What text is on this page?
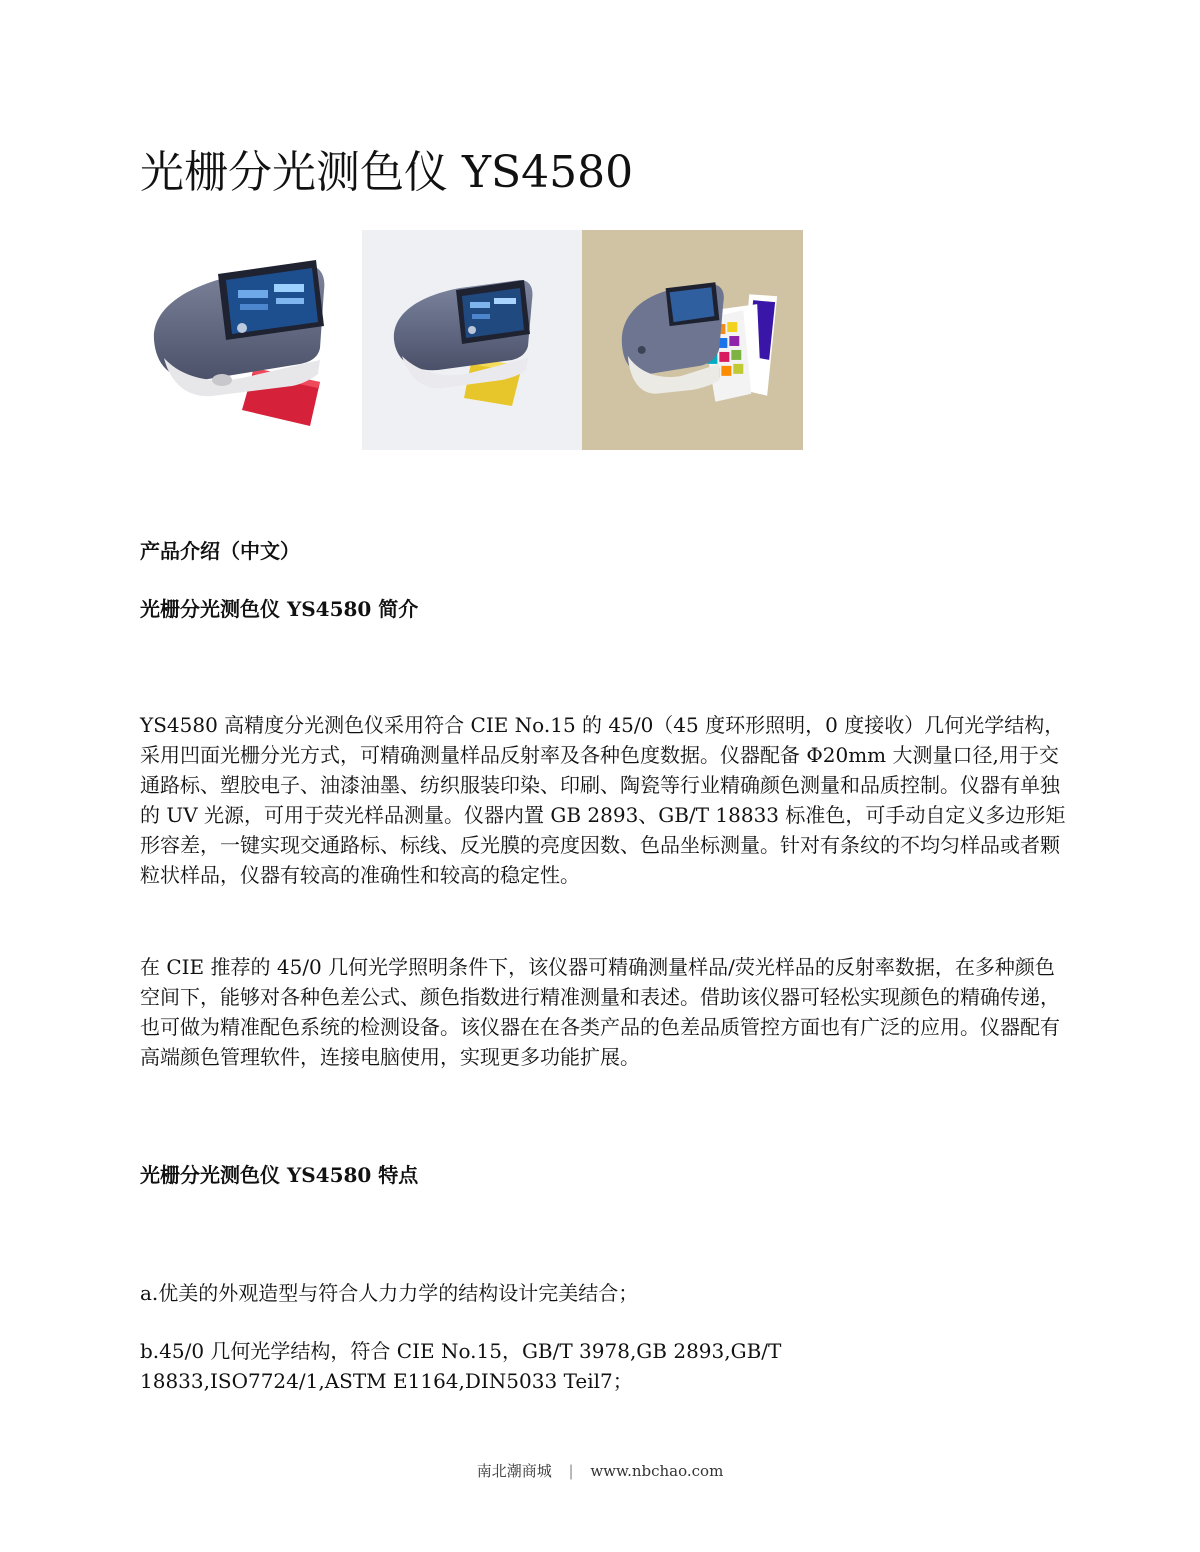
光栅分光测色仪 YS4580
产品介绍（中文）
光栅分光测色仪 YS4580 简介

YS4580 高精度分光测色仪采用符合 CIE No.15 的 45/0（45 度环形照明，0 度接收）几何光学结构，采用凹面光栅分光方式，可精确测量样品反射率及各种色度数据。仪器配备 Φ20mm 大测量口径,用于交通路标、塑胶电子、油漆油墨、纺织服装印染、印刷、陶瓷等行业精确颜色测量和品质控制。仪器有单独的 UV 光源，可用于荧光样品测量。仪器内置 GB 2893、GB/T 18833 标准色，可手动自定义多边形矩形容差，一键实现交通路标、标线、反光膜的亮度因数、色品坐标测量。针对有条纹的不均匀样品或者颗粒状样品，仪器有较高的准确性和较高的稳定性。

在 CIE 推荐的 45/0 几何光学照明条件下，该仪器可精确测量样品/荧光样品的反射率数据，在多种颜色空间下，能够对各种色差公式、颜色指数进行精准测量和表述。借助该仪器可轻松实现颜色的精确传递，也可做为精准配色系统的检测设备。该仪器在在各类产品的色差品质管控方面也有广泛的应用。仪器配有高端颜色管理软件，连接电脑使用，实现更多功能扩展。

光栅分光测色仪 YS4580 特点

a.优美的外观造型与符合人力力学的结构设计完美结合；

b.45/0 几何光学结构，符合 CIE No.15，GB/T 3978,GB 2893,GB/T 18833,ISO7724/1,ASTM E1164,DIN5033 Teil7；

南北潮商城 | www.nbchao.com
